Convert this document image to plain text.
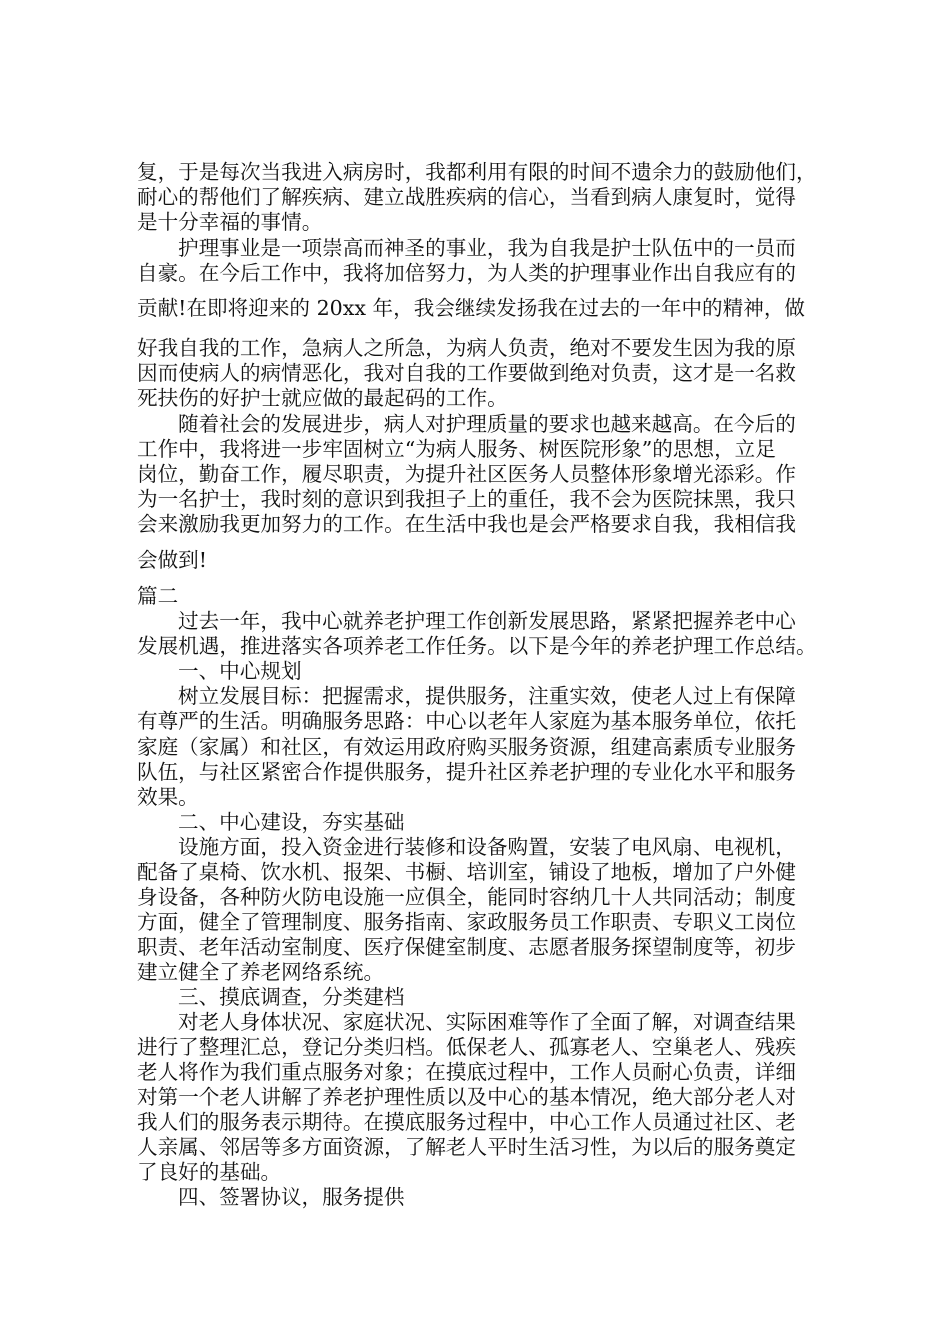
复，于是每次当我进入病房时，我都利用有限的时间不遗余力的鼓励他们，
耐心的帮他们了解疾病、建立战胜疾病的信心，当看到病人康复时，觉得
是十分幸福的事情。
护理事业是一项崇高而神圣的事业，我为自我是护士队伍中的一员而
自豪。在今后工作中，我将加倍努力，为人类的护理事业作出自我应有的
贡献!在即将迎来的 20xx 年，我会继续发扬我在过去的一年中的精神，做
好我自我的工作，急病人之所急，为病人负责，绝对不要发生因为我的原
因而使病人的病情恶化，我对自我的工作要做到绝对负责，这才是一名救
死扶伤的好护士就应做的最起码的工作。
随着社会的发展进步，病人对护理质量的要求也越来越高。在今后的
工作中，我将进一步牢固树立“为病人服务、树医院形象”的思想，立足
岗位，勤奋工作，履尽职责，为提升社区医务人员整体形象增光添彩。作
为一名护士，我时刻的意识到我担子上的重任，我不会为医院抹黑，我只
会来激励我更加努力的工作。在生活中我也是会严格要求自我，我相信我
会做到!
篇二
过去一年，我中心就养老护理工作创新发展思路，紧紧把握养老中心
发展机遇，推进落实各项养老工作任务。以下是今年的养老护理工作总结。
一、中心规划
树立发展目标：把握需求，提供服务，注重实效，使老人过上有保障
有尊严的生活。明确服务思路：中心以老年人家庭为基本服务单位，依托
家庭（家属）和社区，有效运用政府购买服务资源，组建高素质专业服务
队伍，与社区紧密合作提供服务，提升社区养老护理的专业化水平和服务
效果。
二、中心建设，夯实基础
设施方面，投入资金进行装修和设备购置，安装了电风扇、电视机，
配备了桌椅、饮水机、报架、书橱、培训室，铺设了地板，增加了户外健
身设备，各种防火防电设施一应俱全，能同时容纳几十人共同活动；制度
方面，健全了管理制度、服务指南、家政服务员工作职责、专职义工岗位
职责、老年活动室制度、医疗保健室制度、志愿者服务探望制度等，初步
建立健全了养老网络系统。
三、摸底调查，分类建档
对老人身体状况、家庭状况、实际困难等作了全面了解，对调查结果
进行了整理汇总，登记分类归档。低保老人、孤寡老人、空巢老人、残疾
老人将作为我们重点服务对象；在摸底过程中，工作人员耐心负责，详细
对第一个老人讲解了养老护理性质以及中心的基本情况，绝大部分老人对
我人们的服务表示期待。在摸底服务过程中，中心工作人员通过社区、老
人亲属、邻居等多方面资源，了解老人平时生活习性，为以后的服务奠定
了良好的基础。
四、签署协议，服务提供
